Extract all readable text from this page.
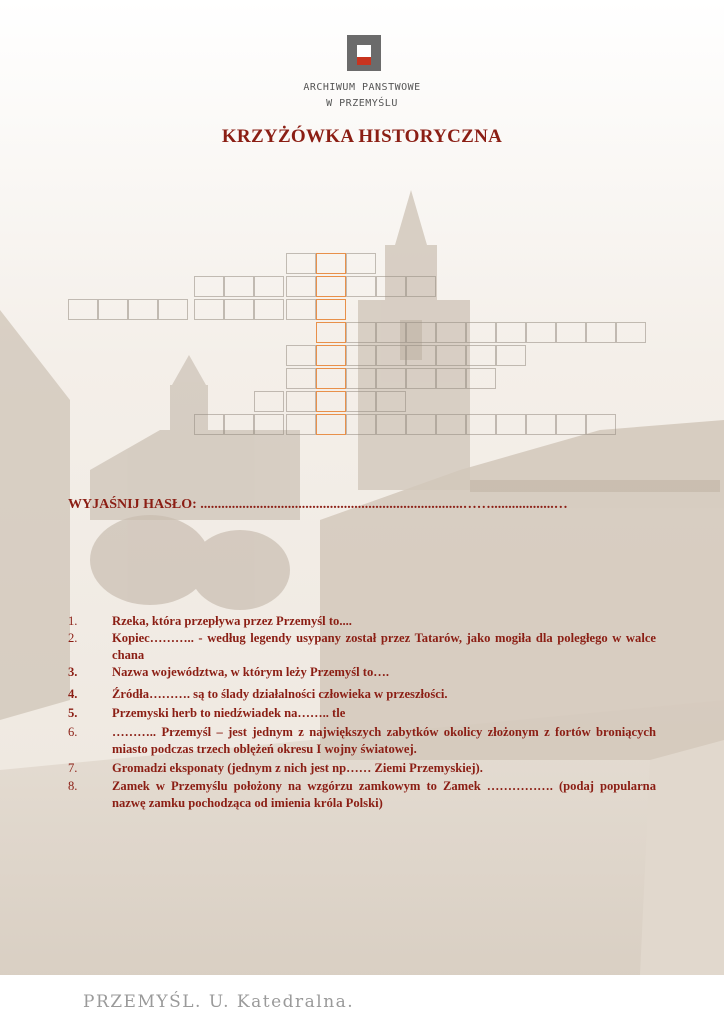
ARCHIWUM PANSTWOWE
W PRZEMYŚLU
KRZYŻÓWKA HISTORYCZNA
WYJAŚNIJ HASŁO: ...........................................................................……..................…
1.	Rzeka, która przepływa przez Przemyśl to....
2.	Kopiec……….. - według legendy usypany został przez Tatarów, jako mogiła dla poległego w walce chana
3.	Nazwa województwa, w którym leży Przemyśl to….
4.	Źródła………. są to ślady działalności człowieka w przeszłości.
5.	Przemyski herb to niedźwiadek na…….. tle
6.	……….. Przemyśl – jest jednym z największych zabytków okolicy złożonym z fortów broniących miasto podczas trzech oblężeń okresu I wojny światowej.
7.	Gromadzi eksponaty (jednym z nich jest np…… Ziemi Przemyskiej).
8.	Zamek w Przemyślu położony na wzgórzu zamkowym to Zamek ……………. (podaj popularna nazwę zamku pochodząca od imienia króla Polski)
PRZEMYŚL. U. Katedralna.
